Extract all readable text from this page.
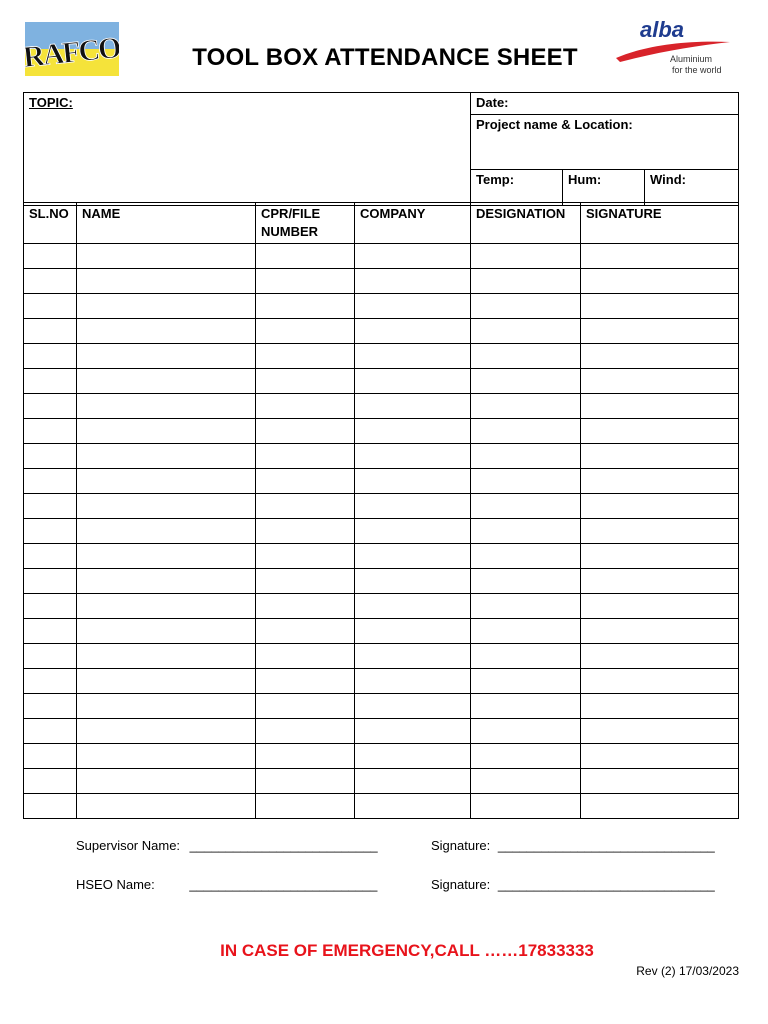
RAFCO	TOOL BOX ATTENDANCE SHEET
alba
Aluminium
for the world
TOPIC:	Date:		
	Project name & Location:		
	Temp:	Hum:	Wind:
SL.NO	NAME	CPR/FILE NUMBER	COMPANY	DESIGNATION	SIGNATURE

Supervisor Name: __________________________	Signature: ______________________________
HSEO Name:	__________________________	Signature: ______________________________
IN CASE OF EMERGENCY,CALL ……17833333
Rev (2) 17/03/2023
